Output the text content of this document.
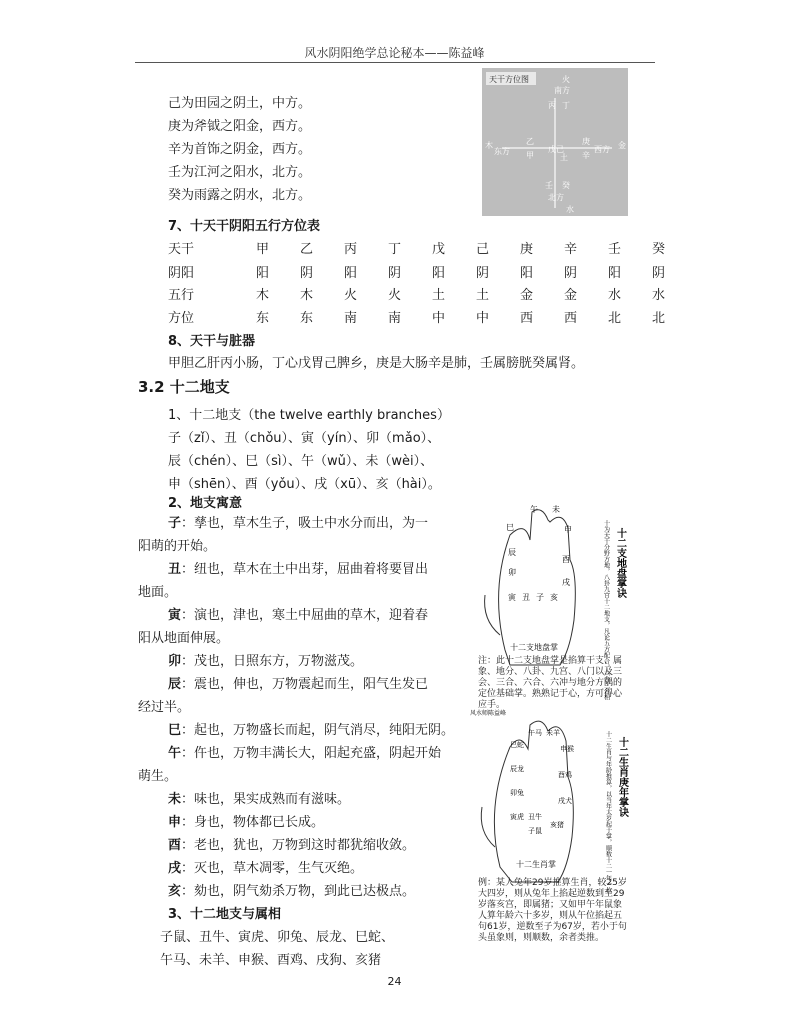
风水阴阳绝学总论秘本——陈益峰
己为田园之阴土，中方。
庚为斧钺之阳金，西方。
辛为首饰之阴金，西方。
壬为江河之阳水，北方。
癸为雨露之阴水，北方。
天干方位图	火
南方
丙 丁
木
东方
乙
甲
戊己
土
庚
辛
西方 金
壬 癸
北方
水
7、十天干阴阳五行方位表
天干	甲 乙 丙 丁 戊 己 庚 辛 壬 癸
阴阳	阳 阴 阳 阴 阳 阴 阳 阴 阳 阴
五行	木 木 火 火 土 土 金 金 水 水
方位	东 东 南 南 中 中 西 西 北 北
8、天干与脏器
甲胆乙肝丙小肠，丁心戊胃己脾乡，庚是大肠辛是肺，壬属膀胱癸属肾。
3.2 十二地支
1、十二地支（the twelve earthly branches）
子（zǐ）、丑（chǒu）、寅（yín）、卯（mǎo）、
辰（chén）、巳（sì）、午（wǔ）、未（wèi）、
申（shēn）、酉（yǒu）、戌（xū）、亥（hài）。
2、地支寓意
子：孳也，草木生子，吸土中水分而出，为一
阳萌的开始。
丑：纽也，草木在土中出芽，屈曲着将要冒出
地面。
寅：演也，津也，寒土中屈曲的草木，迎着春
阳从地面伸展。
卯：茂也，日照东方，万物滋茂。
辰：震也，伸也，万物震起而生，阳气生发已
经过半。
巳：起也，万物盛长而起，阴气消尽，纯阳无阴。
午：仵也，万物丰满长大，阳起充盛，阴起开始
萌生。
未：味也，果实成熟而有滋味。
申：身也，物体都已长成。
酉：老也，犹也，万物到这时都犹缩收敛。
戌：灭也，草木凋零，生气灭绝。
亥：劾也，阴气劾杀万物，到此已达极点。
3、十二地支与属相
子鼠、丑牛、寅虎、卯兔、辰龙、巳蛇、
午马、未羊、申猴、酉鸡、戌狗、亥猪
巳
午 未
申
酉
戌
亥
子
丑
寅
卯
辰
十二支地盘掌
十二支地盘掌诀
十为天干分野方地，八卦九宫十二地支，凡论五方配合，六合三合相冲，六害三刑皆用此掌推之
注：此十二支地盘掌是掐算干支、属象、地分、八卦、九宫、八门以及三会、三合、六合、六冲与地分方隅的定位基础掌。熟熟记于心，方可得心应手。
风水师陈益峰
巳蛇
午马 未羊
申猴
辰龙
酉鸡
卯兔
戌犬
寅虎 丑牛
子鼠
亥猪
十二生肖掌
十二生肖庚年掌诀
十二生肖与年龄推算，以当年太岁起于掌，顺数十二一年一位
例：某人兔年29岁推算生肖，较25岁大四岁，则从兔年上掐起逆数到至29岁落亥宫，即属猪；又如甲午年鼠象人算年龄六十多岁，则从午位掐起五句61岁，逆数至子为67岁，若小于句头虽象则，则顺数，余者类推。
24
